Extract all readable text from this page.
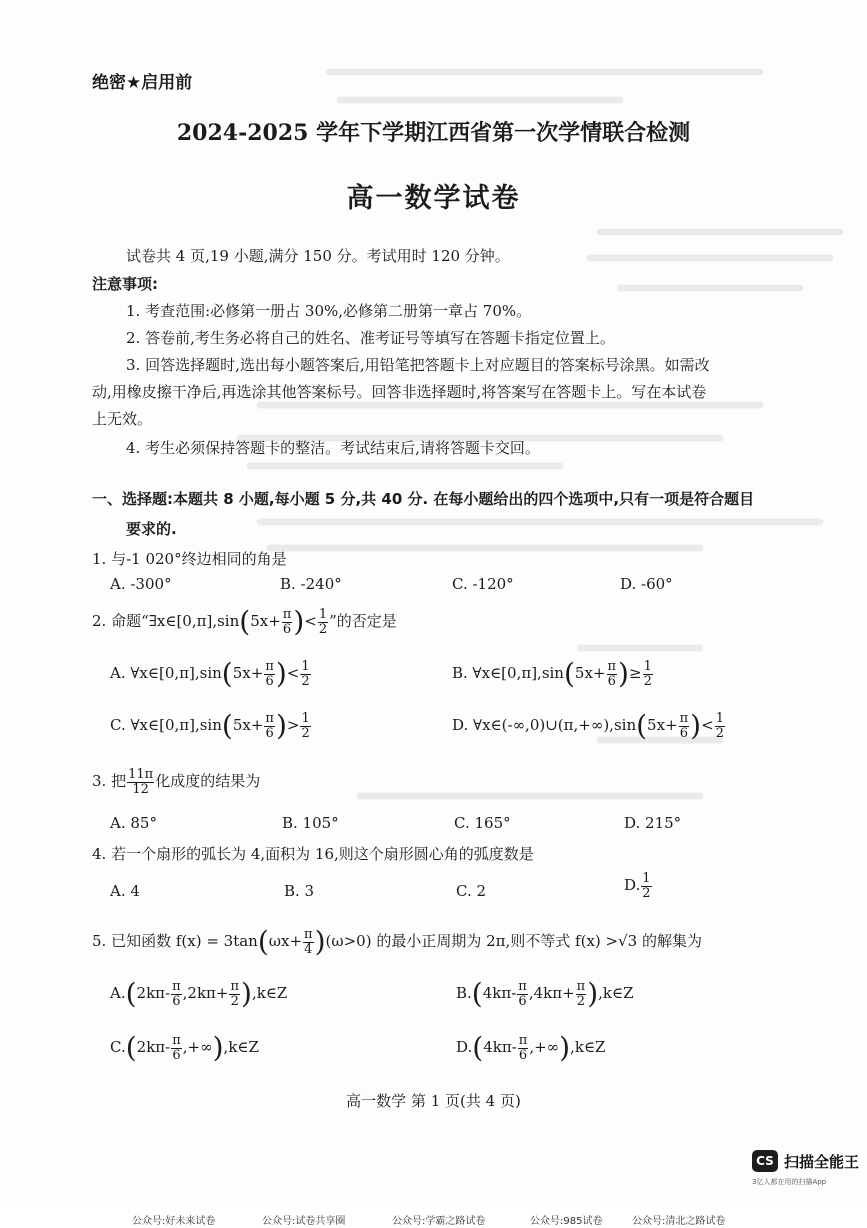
绝密★启用前
2024-2025 学年下学期江西省第一次学情联合检测
高一数学试卷
试卷共 4 页,19 小题,满分 150 分。考试用时 120 分钟。
注意事项:
1. 考查范围:必修第一册占 30%,必修第二册第一章占 70%。
2. 答卷前,考生务必将自己的姓名、准考证号等填写在答题卡指定位置上。
3. 回答选择题时,选出每小题答案后,用铅笔把答题卡上对应题目的答案标号涂黑。如需改
动,用橡皮擦干净后,再选涂其他答案标号。回答非选择题时,将答案写在答题卡上。写在本试卷
上无效。
4. 考生必须保持答题卡的整洁。考试结束后,请将答题卡交回。
一、选择题:本题共 8 小题,每小题 5 分,共 40 分. 在每小题给出的四个选项中,只有一项是符合题目
要求的.
1. 与-1 020°终边相同的角是
A. -300°	B. -240°	C. -120°	D. -60°
2. 命题“∃x∈[0,π],sin(5x+ $\frac{\pi}{6}$ )< $\frac{1}{2}$ ”的否定是
A. ∀x∈[0,π],sin(5x+ $\frac{\pi}{6}$ )< $\frac{1}{2}$	B. ∀x∈[0,π],sin(5x+ $\frac{\pi}{6}$ )≥ $\frac{1}{2}$
C. ∀x∈[0,π],sin(5x+ $\frac{\pi}{6}$ )> $\frac{1}{2}$	D. ∀x∈(-∞,0)∪(π,+∞),sin(5x+ $\frac{\pi}{6}$ )< $\frac{1}{2}$
3. 把 $\frac{11\pi}{12}$ 化成度的结果为
A. 85°	B. 105°	C. 165°	D. 215°
4. 若一个扇形的弧长为 4,面积为 16,则这个扇形圆心角的弧度数是
A. 4	B. 3	C. 2	D. $\frac{1}{2}$
5. 已知函数 $f(x) = 3\tan(\omega x+ \frac{\pi}{4} )(\omega>0)$ 的最小正周期为 2π,则不等式 f(x) >√3 的解集为
$A.(2k\pi- \frac{\pi}{6} ,2k\pi+ \frac{\pi}{2}$ ),k∈Z	$B.(4k\pi- \frac{\pi}{6} ,4k\pi+ \frac{\pi}{2}$ ),k∈Z
$C.(2k\pi- \frac{\pi}{6}$ ,+∞),k∈Z	$D.(4k\pi- \frac{\pi}{6}$ ,+∞),k∈Z
高一数学 第 1 页(共 4 页)
CS 扫描全能王
3亿人都在用的扫描App
公众号:好未来试卷	公众号:试卷共享圈	公众号:学霸之路试卷	公众号:985试卷	公众号:清北之路试卷
